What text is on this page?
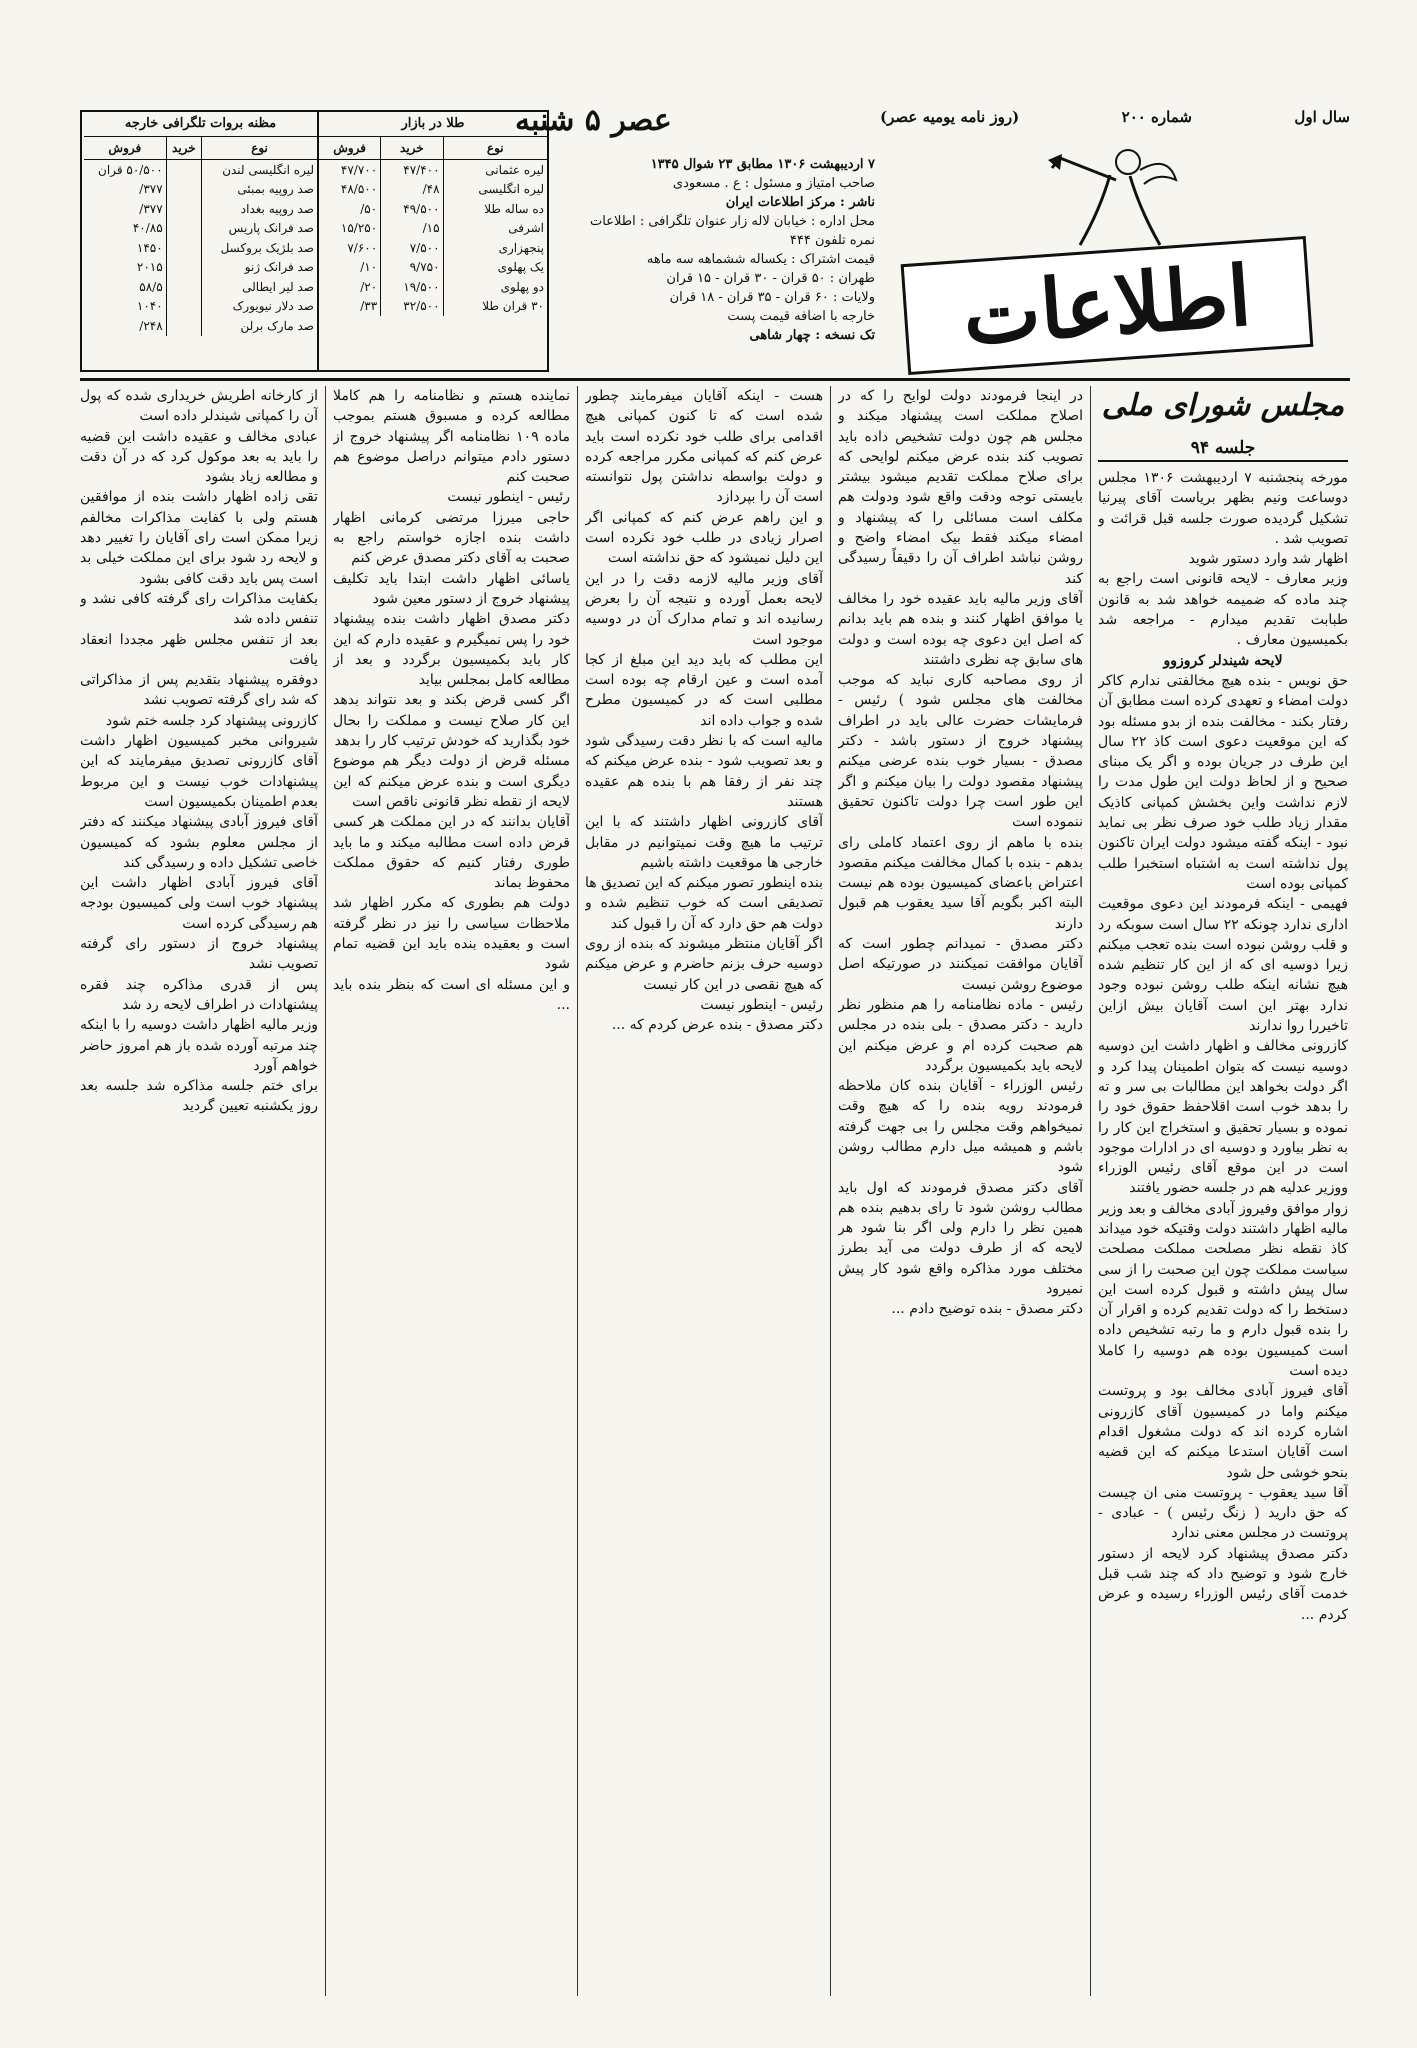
سال اول
شماره ۲۰۰
(روز نامه یومیه عصر)
اطلاعات
عصر ۵ شنبه
۷ اردیبهشت ۱۳۰۶ مطابق ۲۳ شوال ۱۳۴۵
صاحب امتیاز و مسئول : ع . مسعودی
ناشر : مرکز اطلاعات ایران
محل اداره : خیابان لاله زار عنوان تلگرافی : اطلاعات
نمره تلفون ۴۴۴
قیمت اشتراک : یکساله ششماهه سه ماهه
طهران : ۵۰ قران - ۳۰ قران - ۱۵ قران
ولایات : ۶۰ قران - ۳۵ قران - ۱۸ قران
خارجه با اضافه قیمت پست
تک نسخه : چهار شاهی
طلا در بازار
نوع	خرید	فروش
لیره عثمانی	۴۷/۴۰۰	۴۷/۷۰۰
لیره انگلیسی	۴۸/	۴۸/۵۰۰
ده ساله طلا	۴۹/۵۰۰	۵۰/
اشرفی	۱۵/	۱۵/۲۵۰
پنجهزاری	۷/۵۰۰	۷/۶۰۰
یک پهلوی	۹/۷۵۰	۱۰/
دو پهلوی	۱۹/۵۰۰	۲۰/
۳۰ قران طلا	۳۲/۵۰۰	۳۳/
مظنه بروات تلگرافی خارجه
نوع	خرید	فروش
لیره انگلیسی لندن		۵۰/۵۰۰ قران
صد روپیه بمبئی		۳۷۷/
صد روپیه بغداد		۳۷۷/
صد فرانک پاریس		۴۰/۸۵
صد بلژیک بروکسل		۱۴۵۰
صد فرانک ژنو		۲۰۱۵
صد لیر ایطالی		۵۸/۵
صد دلار نیویورک		۱۰۴۰
صد مارک برلن		۲۴۸/
مجلس شورای ملی
جلسه ۹۴

مورخه پنجشنبه ۷ اردیبهشت ۱۳۰۶ مجلس دوساعت ونیم بظهر برياست آقای پیرنیا تشکیل گردیده صورت جلسه قبل قرائت و تصویب شد .

اظهار شد وارد دستور شوید

وزیر معارف - لایحه قانونی است راجع به چند ماده که ضمیمه خواهد شد به قانون طبابت تقدیم میدارم - مراجعه شد بکمیسیون معارف .

لایحه شیندلر کروزوو

حق نویس - بنده هیچ مخالفتی ندارم کاکر دولت امضاء و تعهدی کرده است مطابق آن رفتار بکند - مخالفت بنده از بدو مسئله بود که این موقعیت دعوی است کاذ ۲۲ سال این طرف در جریان بوده و اگر یک مبنای صحیح و از لحاظ دولت این طول مدت را لازم نداشت واین بخشش کمپانی کاذیک مقدار زیاد طلب خود صرف نظر بی نماید نبود - اینکه گفته میشود دولت ایران تاکنون پول نداشته است به اشتباه استخبرا طلب کمپانی بوده است

فهیمی - اینکه فرمودند این دعوی موقعیت اداری ندارد چونکه ۲۲ سال است سوبکه رد و قلب روشن نبوده است بنده تعجب میکنم زیرا دوسیه ای که از این کار تنظیم شده هیچ نشانه اینکه طلب روشن نبوده وجود ندارد بهتر این است آقایان بیش ازاین تاخیررا روا ندارند

کازرونی مخالف و اظهار داشت این دوسیه دوسیه نیست که بتوان اطمینان پیدا کرد و اگر دولت بخواهد این مطالبات بی سر و ته را بدهد خوب است اقلاحفظ حقوق خود را نموده و بسیار تحقیق و استخراج این کار را به نظر بیاورد و دوسیه ای در ادارات موجود است در این موقع آقای رئیس الوزراء ووزیر عدلیه هم در جلسه حضور یافتند

زوار موافق وفیروز آبادی مخالف و بعد وزیر مالیه اظهار داشتند دولت وقتیکه خود میداند کاذ نقطه نظر مصلحت مملکت مصلحت سیاست مملکت چون این صحبت را از سی سال پیش داشته و قبول کرده است این دستخط را که دولت تقدیم کرده و اقرار آن را بنده قبول دارم و ما رتبه تشخیص داده است کمیسیون بوده هم دوسیه را کاملا دیده است

آقای فیروز آبادی مخالف بود و پروتست میکنم واما در کمیسیون آقای کازرونی اشاره کرده اند که دولت مشغول اقدام است آقایان استدعا میکنم که این قضیه بنحو خوشی حل شود

آقا سید یعقوب - پروتست منی ان چیست که حق داريد ( زنگ رئیس ) - عبادی - پروتست در مجلس معنی ندارد

دکتر مصدق پیشنهاد کرد لایحه از دستور خارج شود و توضیح داد که چند شب قبل خدمت آقای رئیس الوزراء رسیده و عرض کردم ...

در اینجا فرمودند دولت لوایح را که در اصلاح مملکت است پیشنهاد میکند و مجلس هم چون دولت تشخیص داده باید تصویب کند بنده عرض میکنم لوایحی که برای صلاح مملکت تقدیم میشود بیشتر بایستی توجه ودقت واقع شود ودولت هم مکلف است مسائلی را که پیشنهاد و امضاء میکند فقط بیک امضاء واضح و روشن نباشد اطراف آن را دقیقاً رسیدگی کند

آقای وزیر مالیه باید عقیده خود را مخالف یا موافق اظهار کنند و بنده هم باید بدانم که اصل این دعوی چه بوده است و دولت های سابق چه نظری داشتند

از روی مصاحبه کاری نباید که موجب مخالفت های مجلس شود ) رئیس - فرمایشات حضرت عالی باید در اطراف پیشنهاد خروج از دستور باشد - دکتر مصدق - بسیار خوب بنده عرضی میکنم پیشنهاد مقصود دولت را بیان میکنم و اگر این طور است چرا دولت تاکنون تحقیق ننموده است

بنده با ماهم از روی اعتماد کاملی رای بدهم - بنده با کمال مخالفت میکنم مقصود اعتراض باعضای کمیسیون بوده هم نیست البته اکبر بگویم آقا سید یعقوب هم قبول دارند

دکتر مصدق - نمیدانم چطور است که آقایان موافقت نمیکنند در صورتیکه اصل موضوع روشن نیست

رئیس - ماده نظامنامه را هم منظور نظر داريد - دکتر مصدق - بلی بنده در مجلس هم صحبت کرده ام و عرض میکنم این لایحه باید بکمیسیون برگردد

رئیس الوزراء - آقایان بنده کان ملاحظه فرمودند رویه بنده را که هیچ وقت نمیخواهم وقت مجلس را بی جهت گرفته باشم و همیشه میل دارم مطالب روشن شود

آقای دکتر مصدق فرمودند که اول باید مطالب روشن شود تا رای بدهیم بنده هم همین نظر را دارم ولی اگر بنا شود هر لایحه که از طرف دولت می آید بطرز مختلف مورد مذاکره واقع شود کار پیش نمیرود

دکتر مصدق - بنده توضیح دادم ...

هست - اینکه آقایان میفرمایند چطور شده است که تا کنون کمپانی هیچ اقدامی برای طلب خود نکرده است باید عرض کنم که کمپانی مکرر مراجعه کرده و دولت بواسطه نداشتن پول نتوانسته است آن را بپردازد

و این راهم عرض کنم که کمپانی اگر اصرار زیادی در طلب خود نکرده است این دلیل نمیشود که حق نداشته است

آقای وزیر مالیه لازمه دقت را در این لایحه بعمل آورده و نتیجه آن را بعرض رسانیده اند و تمام مدارک آن در دوسیه موجود است

این مطلب که باید دید این مبلغ از کجا آمده است و عین ارقام چه بوده است مطلبی است که در کمیسیون مطرح شده و جواب داده اند

مالیه است که با نظر دقت رسیدگی شود و بعد تصویب شود - بنده عرض میکنم که چند نفر از رفقا هم با بنده هم عقیده هستند

آقای کازرونی اظهار داشتند که با این ترتیب ما هیچ وقت نمیتوانیم در مقابل خارجی ها موقعیت داشته باشیم

بنده اینطور تصور میکنم که این تصدیق ها تصدیقی است که خوب تنظیم شده و دولت هم حق دارد که آن را قبول کند

اگر آقایان منتظر میشوند که بنده از روی دوسیه حرف بزنم حاضرم و عرض میکنم که هیچ نقصی در این کار نیست

رئیس - اینطور نیست

دکتر مصدق - بنده عرض کردم که ...

نماینده هستم و نظامنامه را هم کاملا مطالعه کرده و مسبوق هستم بموجب ماده ۱۰۹ نظامنامه اگر پیشنهاد خروج از دستور دادم میتوانم دراصل موضوع هم صحبت کنم

رئیس - اینطور نیست

حاجی میرزا مرتضی کرمانی اظهار داشت بنده اجازه خواستم راجع به صحبت به آقای دکتر مصدق عرض کنم

یاسائی اظهار داشت ابتدا باید تکلیف پیشنهاد خروج از دستور معین شود

دکتر مصدق اظهار داشت بنده پیشنهاد خود را پس نمیگیرم و عقیده دارم که این کار باید بکمیسیون برگردد و بعد از مطالعه کامل بمجلس بیاید

اگر کسی قرض بکند و بعد نتواند بدهد این کار صلاح نیست و مملکت را بحال خود بگذارید که خودش ترتیب کار را بدهد

مسئله قرض از دولت دیگر هم موضوع دیگری است و بنده عرض میکنم که این لایحه از نقطه نظر قانونی ناقص است

آقایان بدانند که در این مملکت هر کسی قرض داده است مطالبه میکند و ما باید طوری رفتار کنیم که حقوق مملکت محفوظ بماند

دولت هم بطوری که مکرر اظهار شد ملاحظات سیاسی را نیز در نظر گرفته است و بعقیده بنده باید این قضیه تمام شود

و این مسئله ای است که بنظر بنده باید ...

از کارخانه اطریش خریداری شده که پول آن را کمپانی شیندلر داده است

عبادی مخالف و عقیده داشت این قضیه را باید به بعد موکول کرد که در آن دقت و مطالعه زیاد بشود

تقی زاده اظهار داشت بنده از موافقین هستم ولی با کفایت مذاکرات مخالفم زیرا ممکن است رای آقایان را تغییر دهد و لایحه رد شود برای این مملکت خیلی بد است پس باید دقت کافی بشود

بکفایت مذاکرات رای گرفته کافی نشد و تنفس داده شد

بعد از تنفس مجلس ظهر مجددا انعقاد یافت

دوفقره پیشنهاد بتقدیم پس از مذاکراتی که شد رای گرفته تصویب نشد

کازرونی پیشنهاد کرد جلسه ختم شود

شیروانی مخبر کمیسیون اظهار داشت آقای کازرونی تصدیق میفرمایند که این پیشنهادات خوب نیست و این مربوط بعدم اطمینان بکمیسیون است

آقای فیروز آبادی پیشنهاد میکنند که دفتر از مجلس معلوم بشود که کمیسیون خاصی تشکیل داده و رسیدگی کند

آقای فیروز آبادی اظهار داشت این پیشنهاد خوب است ولی کمیسیون بودجه هم رسیدگی کرده است

پیشنهاد خروج از دستور رای گرفته تصویب نشد

پس از قدری مذاکره چند فقره پیشنهادات در اطراف لایحه رد شد

وزیر مالیه اظهار داشت دوسیه را با اینکه چند مرتبه آورده شده باز هم امروز حاضر خواهم آورد

برای ختم جلسه مذاکره شد جلسه بعد روز یکشنبه تعیین گردید
